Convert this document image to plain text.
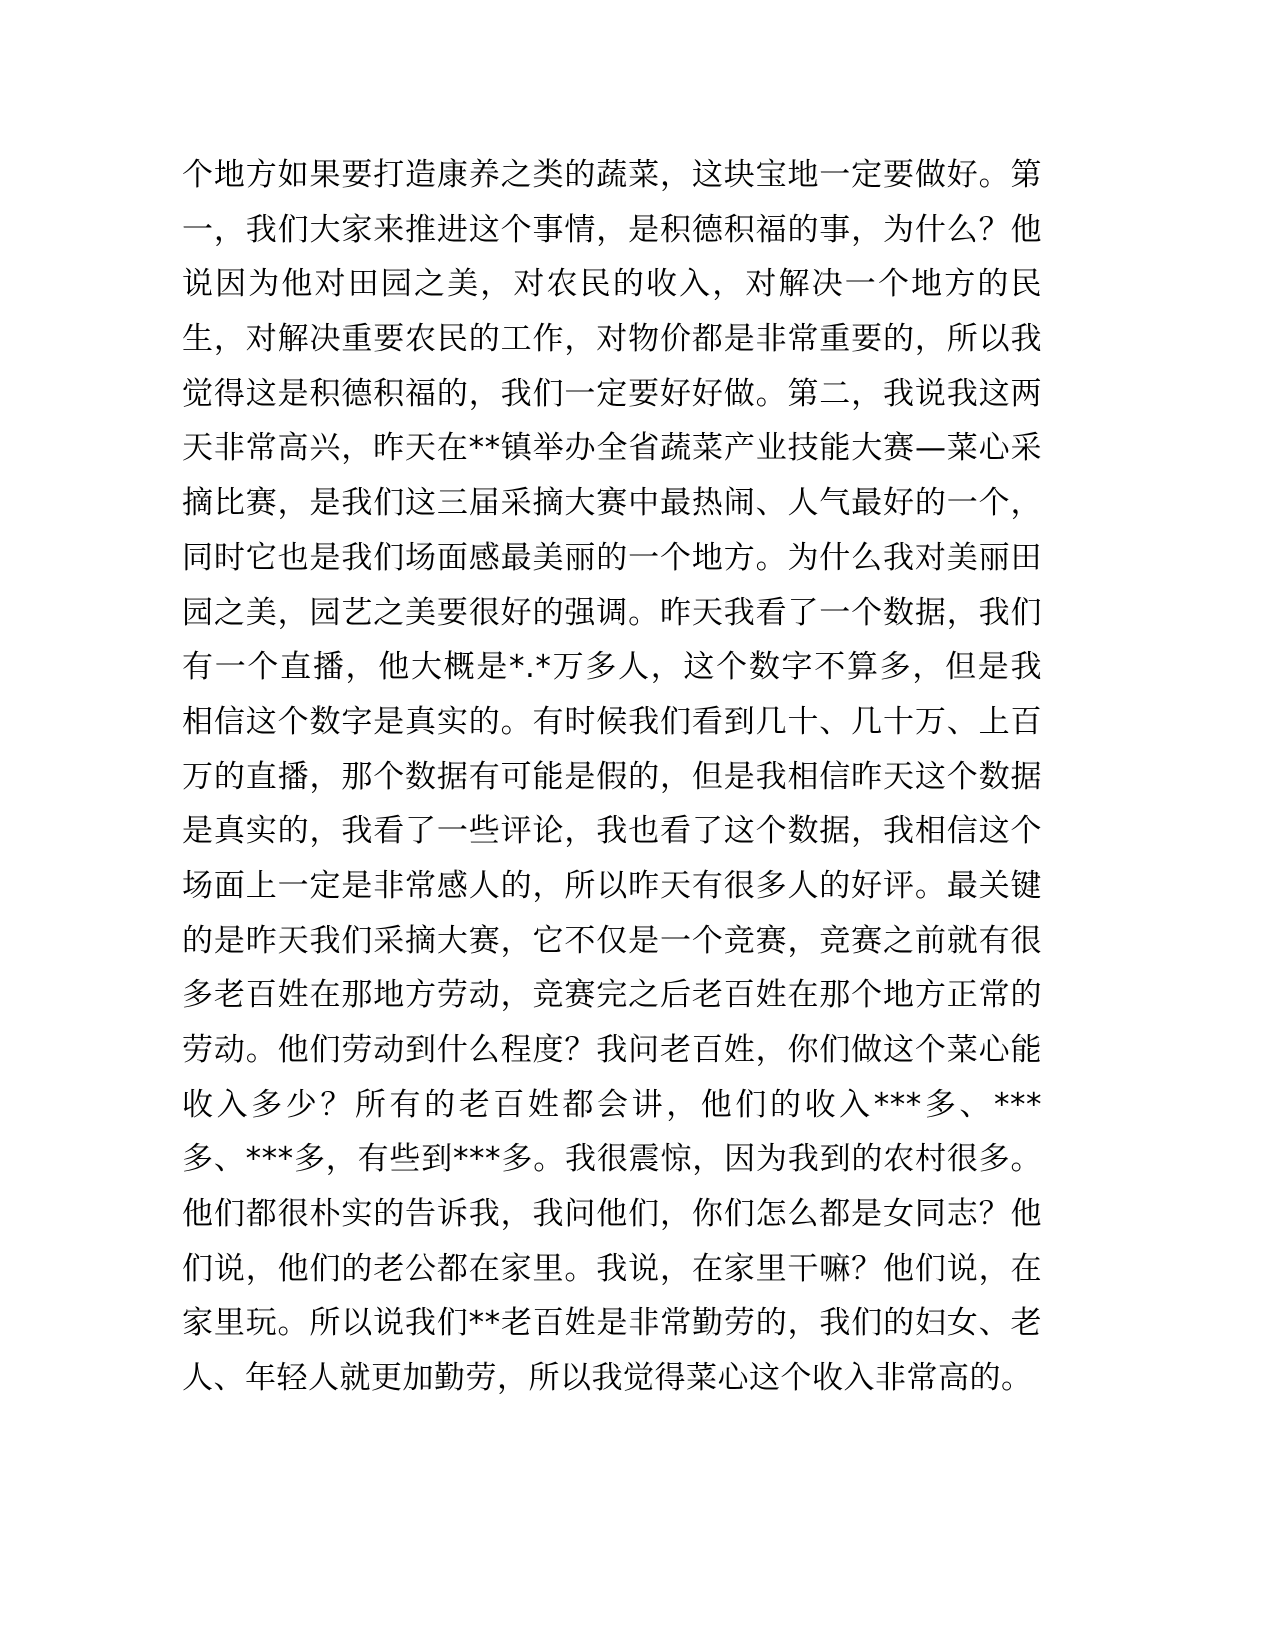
个地方如果要打造康养之类的蔬菜，这块宝地一定要做好。第
一，我们大家来推进这个事情，是积德积福的事，为什么？他
说因为他对田园之美，对农民的收入，对解决一个地方的民
生，对解决重要农民的工作，对物价都是非常重要的，所以我
觉得这是积德积福的，我们一定要好好做。第二，我说我这两
天非常高兴，昨天在**镇举办全省蔬菜产业技能大赛—菜心采
摘比赛，是我们这三届采摘大赛中最热闹、人气最好的一个，
同时它也是我们场面感最美丽的一个地方。为什么我对美丽田
园之美，园艺之美要很好的强调。昨天我看了一个数据，我们
有一个直播，他大概是*.*万多人，这个数字不算多，但是我
相信这个数字是真实的。有时候我们看到几十、几十万、上百
万的直播，那个数据有可能是假的，但是我相信昨天这个数据
是真实的，我看了一些评论，我也看了这个数据，我相信这个
场面上一定是非常感人的，所以昨天有很多人的好评。最关键
的是昨天我们采摘大赛，它不仅是一个竞赛，竞赛之前就有很
多老百姓在那地方劳动，竞赛完之后老百姓在那个地方正常的
劳动。他们劳动到什么程度？我问老百姓，你们做这个菜心能
收入多少？所有的老百姓都会讲，他们的收入***多、***
多、***多，有些到***多。我很震惊，因为我到的农村很多。
他们都很朴实的告诉我，我问他们，你们怎么都是女同志？他
们说，他们的老公都在家里。我说，在家里干嘛？他们说，在
家里玩。所以说我们**老百姓是非常勤劳的，我们的妇女、老
人、年轻人就更加勤劳，所以我觉得菜心这个收入非常高的。
